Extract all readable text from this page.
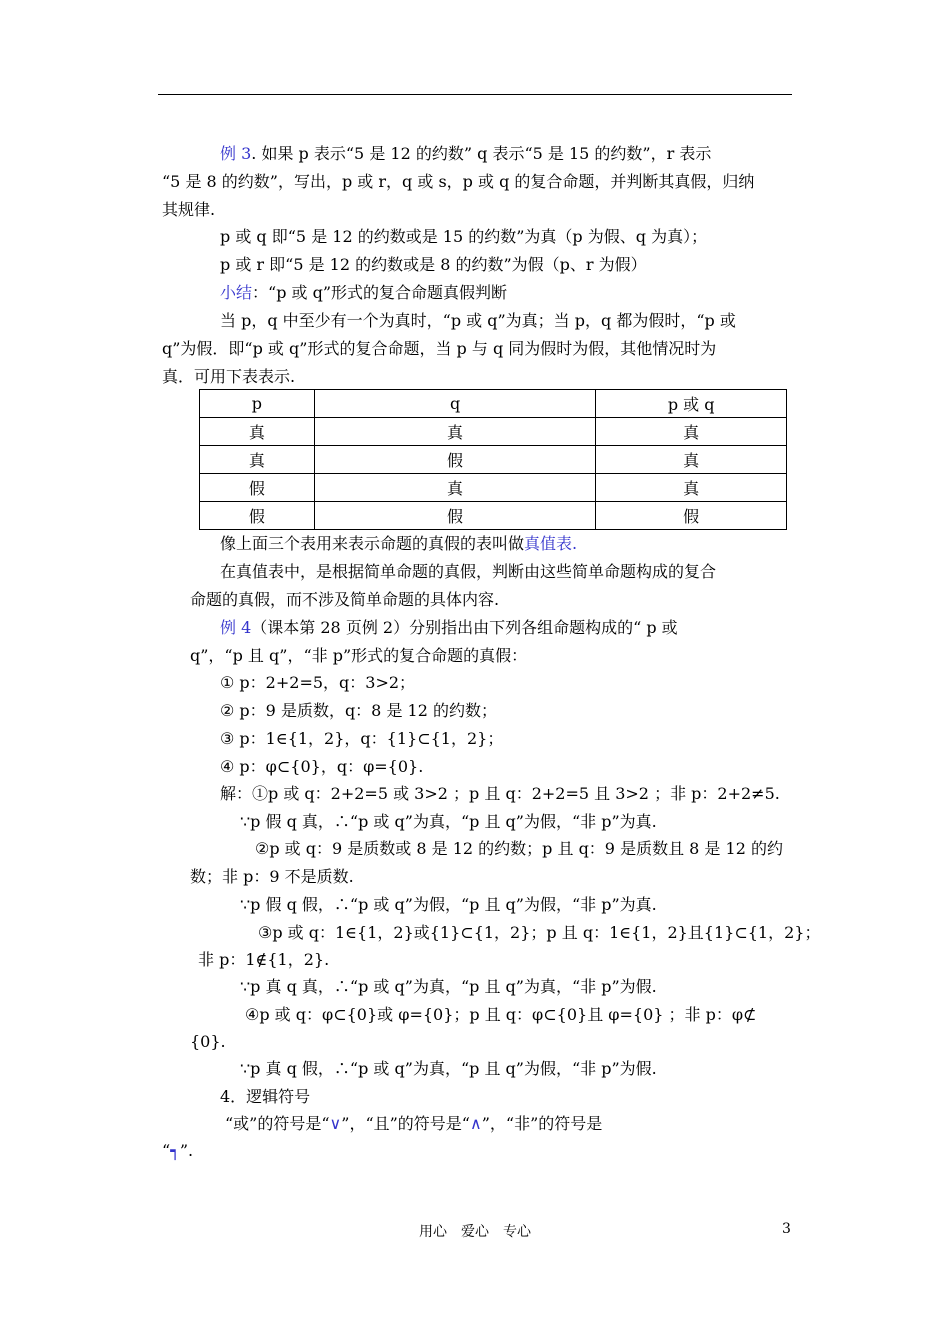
例 3. 如果 p 表示“5 是 12 的约数” q 表示“5 是 15 的约数”，r 表示
“5 是 8 的约数”，写出，p 或 r，q 或 s，p 或 q 的复合命题，并判断其真假，归纳
其规律.
p 或 q 即“5 是 12 的约数或是 15 的约数”为真（p 为假、q 为真）；
p 或 r 即“5 是 12 的约数或是 8 的约数”为假（p、r 为假）
小结：“p 或 q”形式的复合命题真假判断
当 p，q 中至少有一个为真时，“p 或 q”为真；当 p，q 都为假时，“p 或
q”为假．即“p 或 q”形式的复合命题，当 p 与 q 同为假时为假，其他情况时为
真．可用下表表示.
p	q	p 或 q
真	真	真
真	假	真
假	真	真
假	假	假
像上面三个表用来表示命题的真假的表叫做真值表.
在真值表中，是根据简单命题的真假，判断由这些简单命题构成的复合
命题的真假，而不涉及简单命题的具体内容.
例 4（课本第 28 页例 2）分别指出由下列各组命题构成的“ p 或
q”，“p 且 q”，“非 p”形式的复合命题的真假：
① p：2+2=5，q：3>2；
② p：9 是质数，q：8 是 12 的约数；
③ p：1∈{1，2}，q：{1}⊂{1，2}；
④ p：φ⊂{0}，q：φ={0}.
解：①p 或 q：2+2=5 或 3>2 ；p 且 q：2+2=5 且 3>2 ；非 p：2+2≠5.
∵p 假 q 真，∴“p 或 q”为真，“p 且 q”为假，“非 p”为真.
②p 或 q：9 是质数或 8 是 12 的约数；p 且 q：9 是质数且 8 是 12 的约
数；非 p：9 不是质数.
∵p 假 q 假，∴“p 或 q”为假，“p 且 q”为假，“非 p”为真.
③p 或 q：1∈{1，2}或{1}⊂{1，2}；p 且 q：1∈{1，2}且{1}⊂{1，2}；
非 p：1∉{1，2}.
∵p 真 q 真，∴“p 或 q”为真，“p 且 q”为真，“非 p”为假.
④p 或 q：φ⊂{0}或 φ={0}；p 且 q：φ⊂{0}且 φ={0} ；非 p：φ⊄
{0}.
∵p 真 q 假，∴“p 或 q”为真，“p 且 q”为假，“非 p”为假.
4．逻辑符号
“或”的符号是“∨”，“且”的符号是“∧”，“非”的符号是
“┑”.
用心　爱心　专心	3
